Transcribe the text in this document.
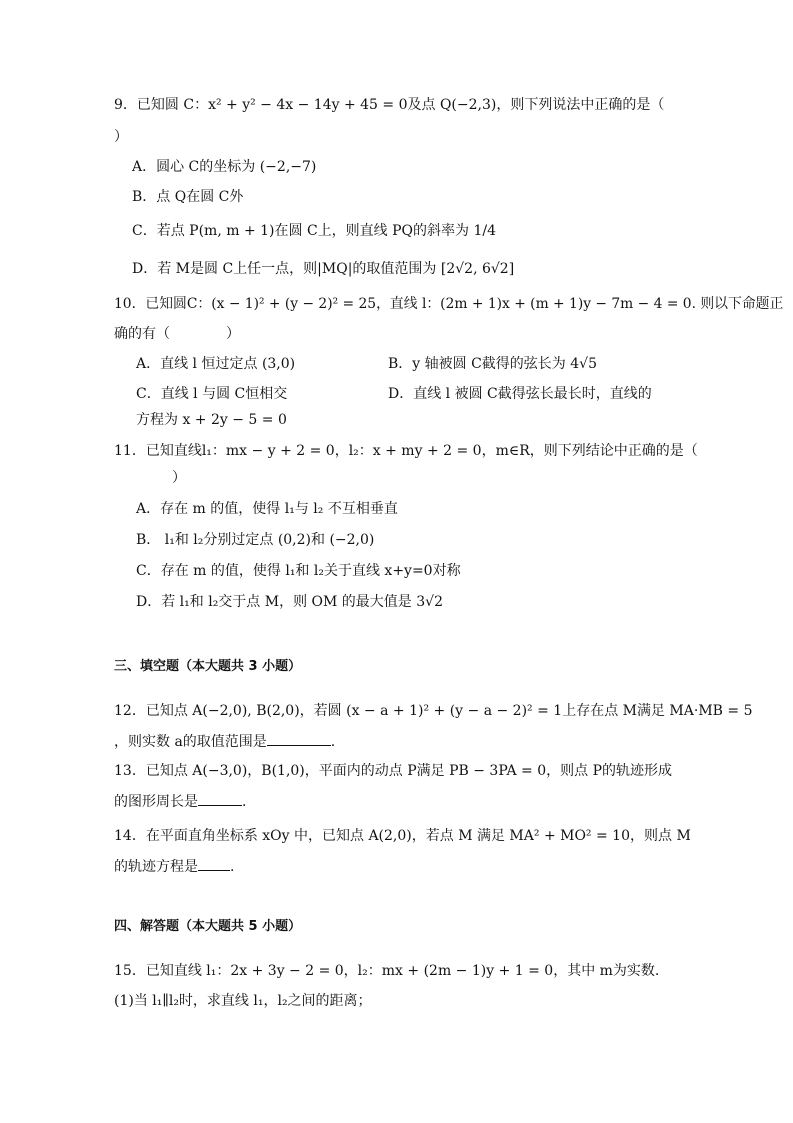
9．已知圆 C：x² + y² − 4x − 14y + 45 = 0及点 Q(−2,3)，则下列说法中正确的是（
）
A．圆心 C的坐标为 (−2,−7)
B．点 Q在圆 C外
C．若点 P(m, m + 1)在圆 C上，则直线 PQ的斜率为 1/4
D．若 M是圆 C上任一点，则|MQ|的取值范围为 [2√2, 6√2]
10．已知圆C：(x − 1)² + (y − 2)² = 25，直线 l：(2m + 1)x + (m + 1)y − 7m − 4 = 0. 则以下命题正
确的有（　　　　）
A．直线 l 恒过定点 (3,0)	B．y 轴被圆 C截得的弦长为 4√5
C．直线 l 与圆 C恒相交	D．直线 l 被圆 C截得弦长最长时，直线的
方程为 x + 2y − 5 = 0
11．已知直线l₁：mx − y + 2 = 0，l₂：x + my + 2 = 0，m∈R，则下列结论中正确的是（
）
A．存在 m 的值，使得 l₁与 l₂ 不互相垂直
B． l₁和 l₂分别过定点 (0,2)和 (−2,0)
C．存在 m 的值，使得 l₁和 l₂关于直线 x+y=0对称
D．若 l₁和 l₂交于点 M，则 OM 的最大值是 3√2
三、填空题（本大题共 3 小题）
12．已知点 A(−2,0), B(2,0)，若圆 (x − a + 1)² + (y − a − 2)² = 1上存在点 M满足 MA·MB = 5
，则实数 a的取值范围是	.
13．已知点 A(−3,0)，B(1,0)，平面内的动点 P满足 PB − 3PA = 0，则点 P的轨迹形成
的图形周长是	.
14．在平面直角坐标系 xOy 中，已知点 A(2,0)，若点 M 满足 MA² + MO² = 10，则点 M
的轨迹方程是 .
四、解答题（本大题共 5 小题）
15．已知直线 l₁：2x + 3y − 2 = 0，l₂：mx + (2m − 1)y + 1 = 0，其中 m为实数.
(1)当 l₁∥l₂时，求直线 l₁，l₂之间的距离；
